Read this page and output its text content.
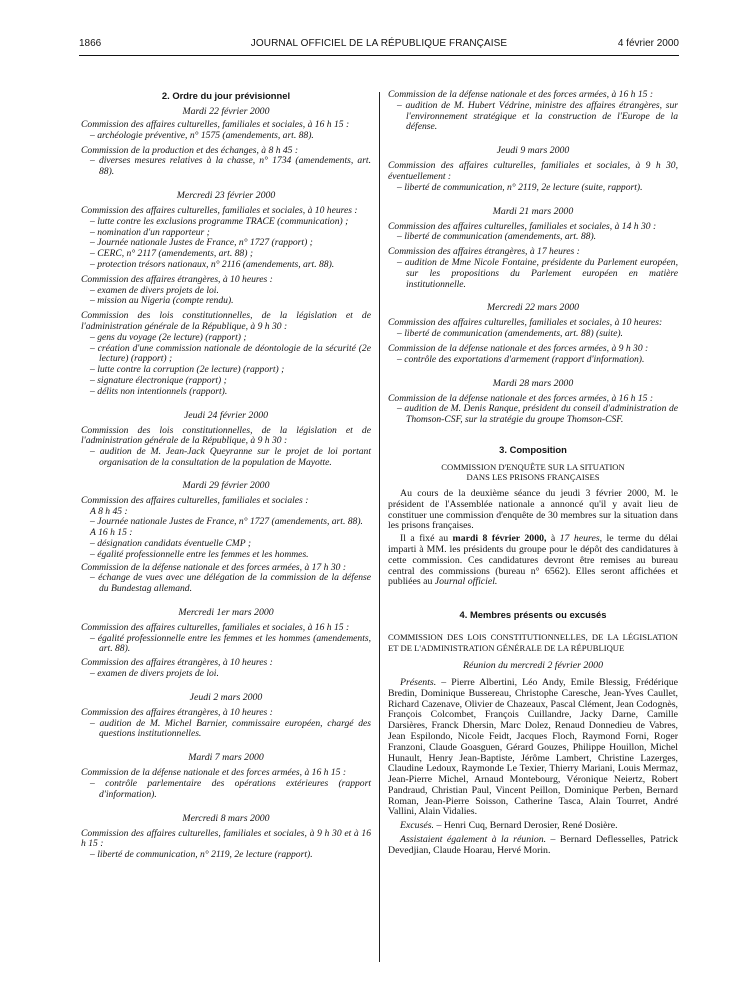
1866	JOURNAL OFFICIEL DE LA RÉPUBLIQUE FRANÇAISE	4 février 2000

2. Ordre du jour prévisionnel

Mardi 22 février 2000

Commission des affaires culturelles, familiales et sociales, à 16 h 15 :

– archéologie préventive, n° 1575 (amendements, art. 88).

Commission de la production et des échanges, à 8 h 45 :

– diverses mesures relatives à la chasse, n° 1734 (amendements, art. 88).

Mercredi 23 février 2000

Commission des affaires culturelles, familiales et sociales, à 10 heures :

– lutte contre les exclusions programme TRACE (communication) ;
– nomination d'un rapporteur ;
– Journée nationale Justes de France, n° 1727 (rapport) ;
– CERC, n° 2117 (amendements, art. 88) ;
– protection trésors nationaux, n° 2116 (amendements, art. 88).

Commission des affaires étrangères, à 10 heures :

– examen de divers projets de loi.
– mission au Nigeria (compte rendu).

Commission des lois constitutionnelles, de la législation et de l'administration générale de la République, à 9 h 30 :

– gens du voyage (2e lecture) (rapport) ;
– création d'une commission nationale de déontologie de la sécurité (2e lecture) (rapport) ;
– lutte contre la corruption (2e lecture) (rapport) ;
– signature électronique (rapport) ;
– délits non intentionnels (rapport).

Jeudi 24 février 2000

Commission des lois constitutionnelles, de la législation et de l'administration générale de la République, à 9 h 30 :

– audition de M. Jean-Jack Queyranne sur le projet de loi portant organisation de la consultation de la population de Mayotte.

Mardi 29 février 2000

Commission des affaires culturelles, familiales et sociales :

A 8 h 45 :

– Journée nationale Justes de France, n° 1727 (amendements, art. 88).

A 16 h 15 :

– désignation candidats éventuelle CMP ;
– égalité professionnelle entre les femmes et les hommes.

Commission de la défense nationale et des forces armées, à 17 h 30 :

– échange de vues avec une délégation de la commission de la défense du Bundestag allemand.

Mercredi 1er mars 2000

Commission des affaires culturelles, familiales et sociales, à 16 h 15 :

– égalité professionnelle entre les femmes et les hommes (amendements, art. 88).

Commission des affaires étrangères, à 10 heures :

– examen de divers projets de loi.

Jeudi 2 mars 2000

Commission des affaires étrangères, à 10 heures :

– audition de M. Michel Barnier, commissaire européen, chargé des questions institutionnelles.

Mardi 7 mars 2000

Commission de la défense nationale et des forces armées, à 16 h 15 :

– contrôle parlementaire des opérations extérieures (rapport d'information).

Mercredi 8 mars 2000

Commission des affaires culturelles, familiales et sociales, à 9 h 30 et à 16 h 15 :

– liberté de communication, n° 2119, 2e lecture (rapport).

Commission de la défense nationale et des forces armées, à 16 h 15 :

– audition de M. Hubert Védrine, ministre des affaires étrangères, sur l'environnement stratégique et la construction de l'Europe de la défense.

Jeudi 9 mars 2000

Commission des affaires culturelles, familiales et sociales, à 9 h 30, éventuellement :

– liberté de communication, n° 2119, 2e lecture (suite, rapport).

Mardi 21 mars 2000

Commission des affaires culturelles, familiales et sociales, à 14 h 30 :

– liberté de communication (amendements, art. 88).

Commission des affaires étrangères, à 17 heures :

– audition de Mme Nicole Fontaine, présidente du Parlement européen, sur les propositions du Parlement européen en matière institutionnelle.

Mercredi 22 mars 2000

Commission des affaires culturelles, familiales et sociales, à 10 heures:

– liberté de communication (amendements, art. 88) (suite).

Commission de la défense nationale et des forces armées, à 9 h 30 :

– contrôle des exportations d'armement (rapport d'information).

Mardi 28 mars 2000

Commission de la défense nationale et des forces armées, à 16 h 15 :

– audition de M. Denis Ranque, président du conseil d'administration de Thomson-CSF, sur la stratégie du groupe Thomson-CSF.

3. Composition

COMMISSION D'ENQUÊTE SUR LA SITUATION

DANS LES PRISONS FRANÇAISES

Au cours de la deuxième séance du jeudi 3 février 2000, M. le président de l'Assemblée nationale a annoncé qu'il y avait lieu de constituer une commission d'enquête de 30 membres sur la situation dans les prisons françaises.

Il a fixé au mardi 8 février 2000, à 17 heures, le terme du délai imparti à MM. les présidents du groupe pour le dépôt des candidatures à cette commission. Ces candidatures devront être remises au bureau central des commissions (bureau n° 6562). Elles seront affichées et publiées au Journal officiel.

4. Membres présents ou excusés

COMMISSION DES LOIS CONSTITUTIONNELLES, DE LA LÉGISLATION ET DE L'ADMINISTRATION GÉNÉRALE DE LA RÉPUBLIQUE

Réunion du mercredi 2 février 2000

Présents. – Pierre Albertini, Léo Andy, Emile Blessig, Frédérique Bredin, Dominique Bussereau, Christophe Caresche, Jean-Yves Caullet, Richard Cazenave, Olivier de Chazeaux, Pascal Clément, Jean Codognès, François Colcombet, François Cuillandre, Jacky Darne, Camille Darsières, Franck Dhersin, Marc Dolez, Renaud Donnedieu de Vabres, Jean Espilondo, Nicole Feidt, Jacques Floch, Raymond Forni, Roger Franzoni, Claude Goasguen, Gérard Gouzes, Philippe Houillon, Michel Hunault, Henry Jean-Baptiste, Jérôme Lambert, Christine Lazerges, Claudine Ledoux, Raymonde Le Texier, Thierry Mariani, Louis Mermaz, Jean-Pierre Michel, Arnaud Montebourg, Véronique Neiertz, Robert Pandraud, Christian Paul, Vincent Peillon, Dominique Perben, Bernard Roman, Jean-Pierre Soisson, Catherine Tasca, Alain Tourret, André Vallini, Alain Vidalies.

Excusés. – Henri Cuq, Bernard Derosier, René Dosière.

Assistaient également à la réunion. – Bernard Deflesselles, Patrick Devedjian, Claude Hoarau, Hervé Morin.
